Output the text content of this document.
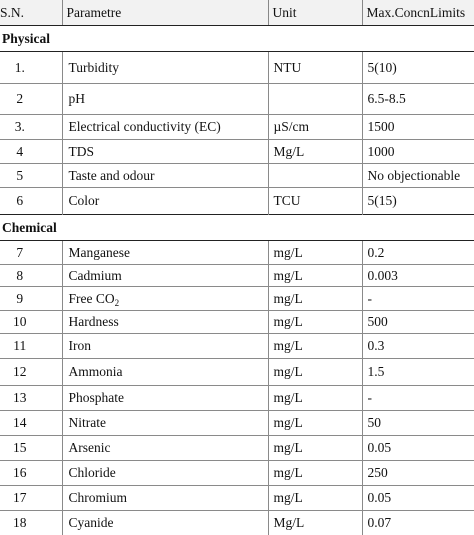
S.N.	Parametre	Unit	Max.ConcnLimits
Physical			
1.	Turbidity	NTU	5(10)
2	pH		6.5-8.5
3.	Electrical conductivity (EC)	µS/cm	1500
4	TDS	Mg/L	1000
5	Taste and odour		No objectionable
6	Color	TCU	5(15)
Chemical			
7	Manganese	mg/L	0.2
8	Cadmium	mg/L	0.003
9	Free $CO_2$	mg/L	-
10	Hardness	mg/L	500
11	Iron	mg/L	0.3
12	Ammonia	mg/L	1.5
13	Phosphate	mg/L	-
14	Nitrate	mg/L	50
15	Arsenic	mg/L	0.05
16	Chloride	mg/L	250
17	Chromium	mg/L	0.05
18	Cyanide	Mg/L	0.07
